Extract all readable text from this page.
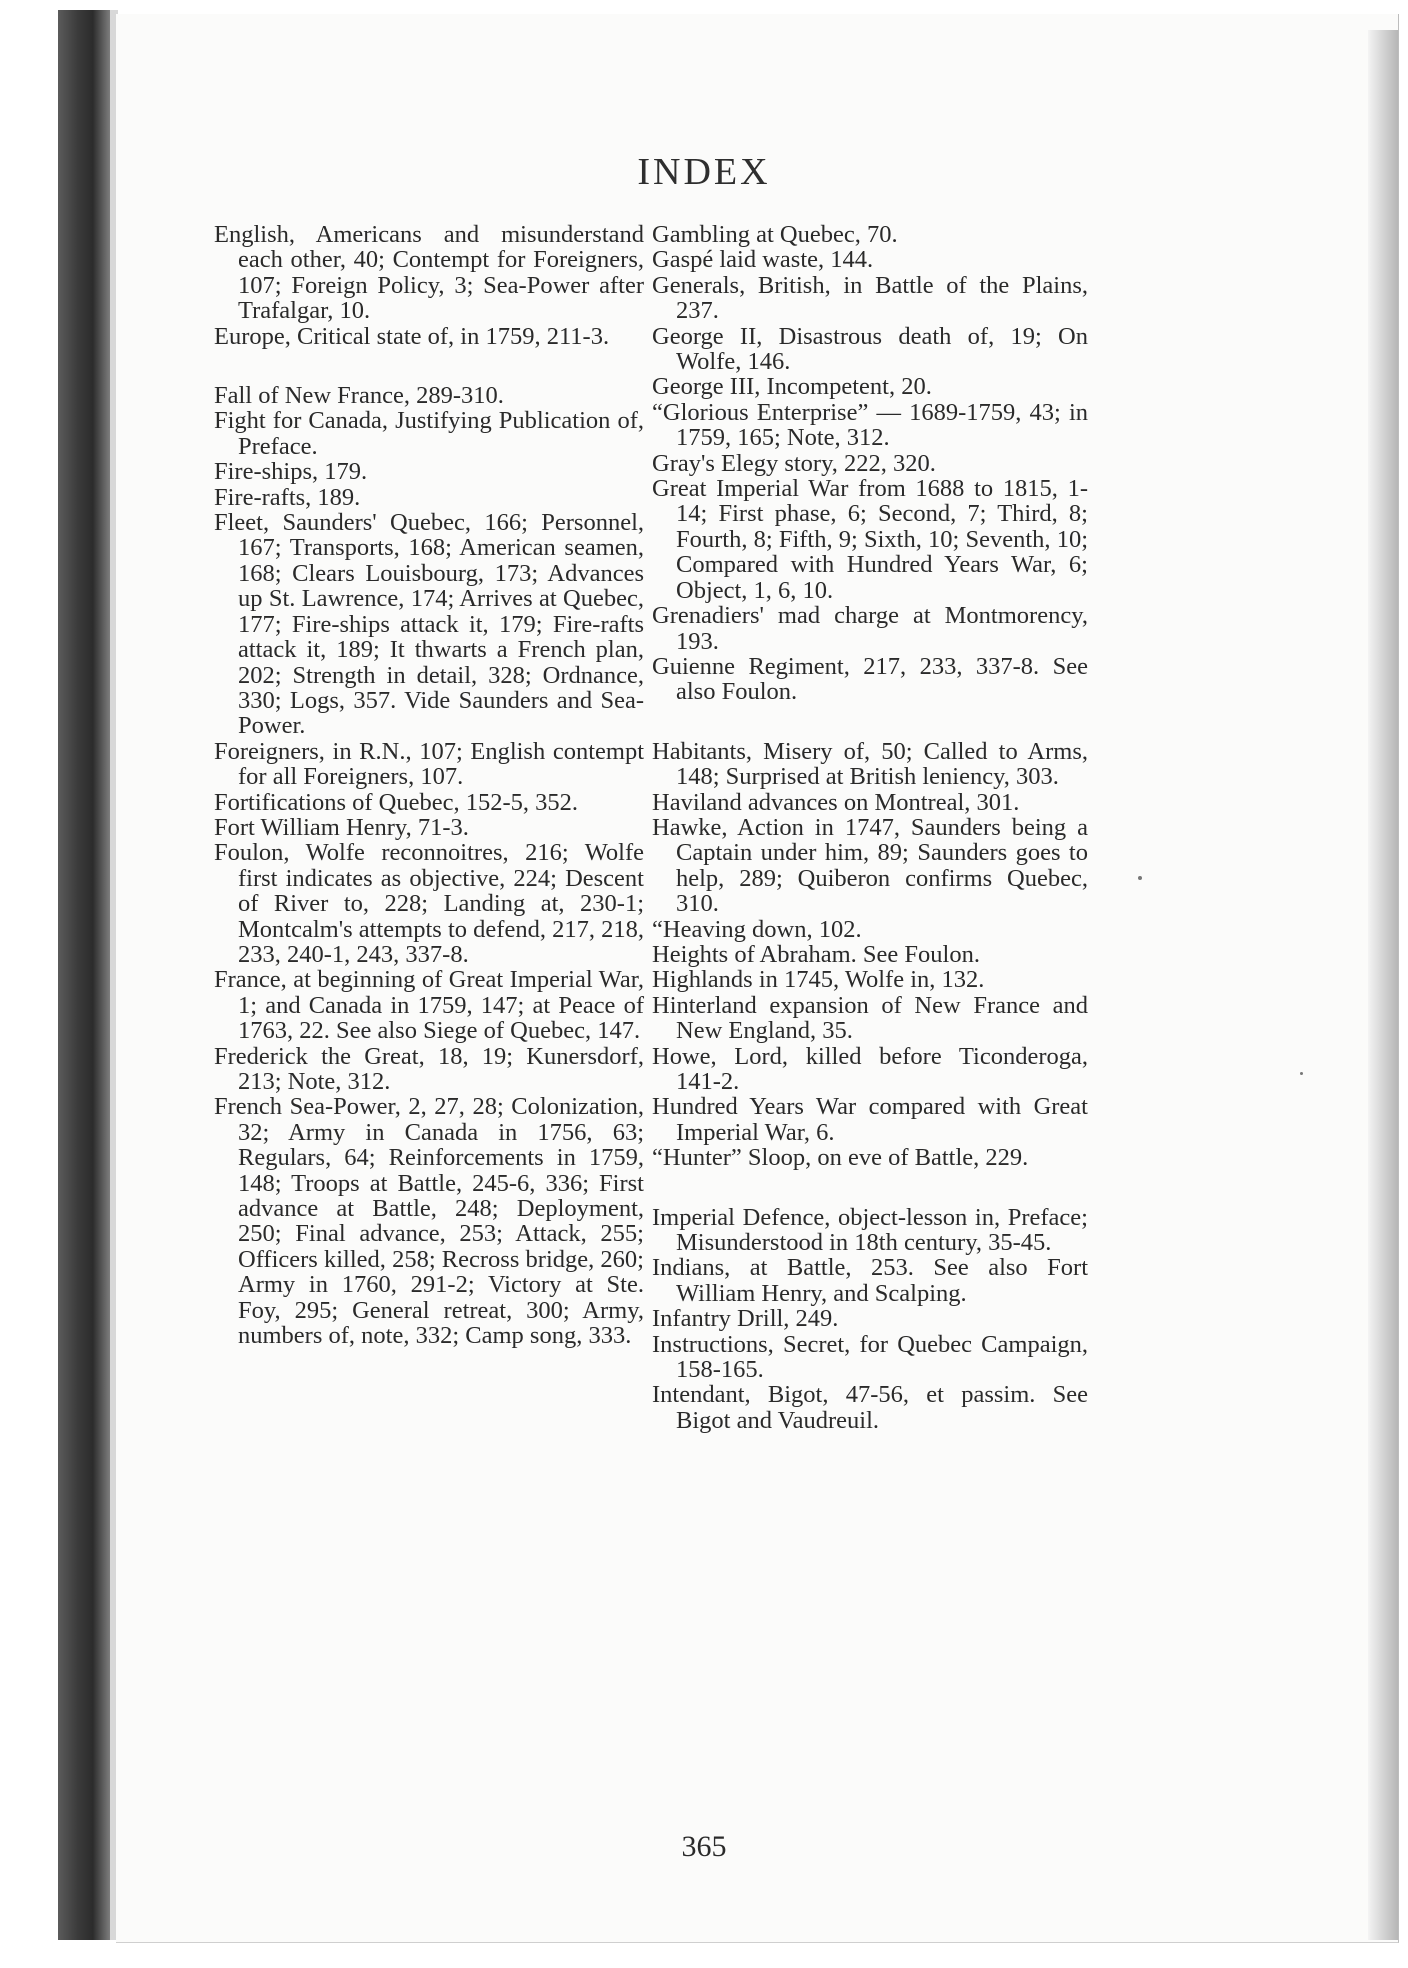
INDEX

English, Americans and misunderstand each other, 40; Contempt for Foreigners, 107; Foreign Policy, 3; Sea-Power after Trafalgar, 10.

Europe, Critical state of, in 1759, 211-3.

Fall of New France, 289-310.

Fight for Canada, Justifying Publication of, Preface.

Fire-ships, 179.

Fire-rafts, 189.

Fleet, Saunders' Quebec, 166; Personnel, 167; Transports, 168; American seamen, 168; Clears Louisbourg, 173; Advances up St. Lawrence, 174; Arrives at Quebec, 177; Fire-ships attack it, 179; Fire-rafts attack it, 189; It thwarts a French plan, 202; Strength in detail, 328; Ordnance, 330; Logs, 357. Vide Saunders and Sea-Power.

Foreigners, in R.N., 107; English contempt for all Foreigners, 107.

Fortifications of Quebec, 152-5, 352.

Fort William Henry, 71-3.

Foulon, Wolfe reconnoitres, 216; Wolfe first indicates as objective, 224; Descent of River to, 228; Landing at, 230-1; Montcalm's attempts to defend, 217, 218, 233, 240-1, 243, 337-8.

France, at beginning of Great Imperial War, 1; and Canada in 1759, 147; at Peace of 1763, 22. See also Siege of Quebec, 147.

Frederick the Great, 18, 19; Kunersdorf, 213; Note, 312.

French Sea-Power, 2, 27, 28; Colonization, 32; Army in Canada in 1756, 63; Regulars, 64; Reinforcements in 1759, 148; Troops at Battle, 245-6, 336; First advance at Battle, 248; Deployment, 250; Final advance, 253; Attack, 255; Officers killed, 258; Recross bridge, 260; Army in 1760, 291-2; Victory at Ste. Foy, 295; General retreat, 300; Army, numbers of, note, 332; Camp song, 333.

Gambling at Quebec, 70.

Gaspé laid waste, 144.

Generals, British, in Battle of the Plains, 237.

George II, Disastrous death of, 19; On Wolfe, 146.

George III, Incompetent, 20.

“Glorious Enterprise” — 1689-1759, 43; in 1759, 165; Note, 312.

Gray's Elegy story, 222, 320.

Great Imperial War from 1688 to 1815, 1-14; First phase, 6; Second, 7; Third, 8; Fourth, 8; Fifth, 9; Sixth, 10; Seventh, 10; Compared with Hundred Years War, 6; Object, 1, 6, 10.

Grenadiers' mad charge at Montmorency, 193.

Guienne Regiment, 217, 233, 337-8. See also Foulon.

Habitants, Misery of, 50; Called to Arms, 148; Surprised at British leniency, 303.

Haviland advances on Montreal, 301.

Hawke, Action in 1747, Saunders being a Captain under him, 89; Saunders goes to help, 289; Quiberon confirms Quebec, 310.

“Heaving down, 102.

Heights of Abraham. See Foulon.

Highlands in 1745, Wolfe in, 132.

Hinterland expansion of New France and New England, 35.

Howe, Lord, killed before Ticonderoga, 141-2.

Hundred Years War compared with Great Imperial War, 6.

“Hunter” Sloop, on eve of Battle, 229.

Imperial Defence, object-lesson in, Preface; Misunderstood in 18th century, 35-45.

Indians, at Battle, 253. See also Fort William Henry, and Scalping.

Infantry Drill, 249.

Instructions, Secret, for Quebec Campaign, 158-165.

Intendant, Bigot, 47-56, et passim. See Bigot and Vaudreuil.

365
